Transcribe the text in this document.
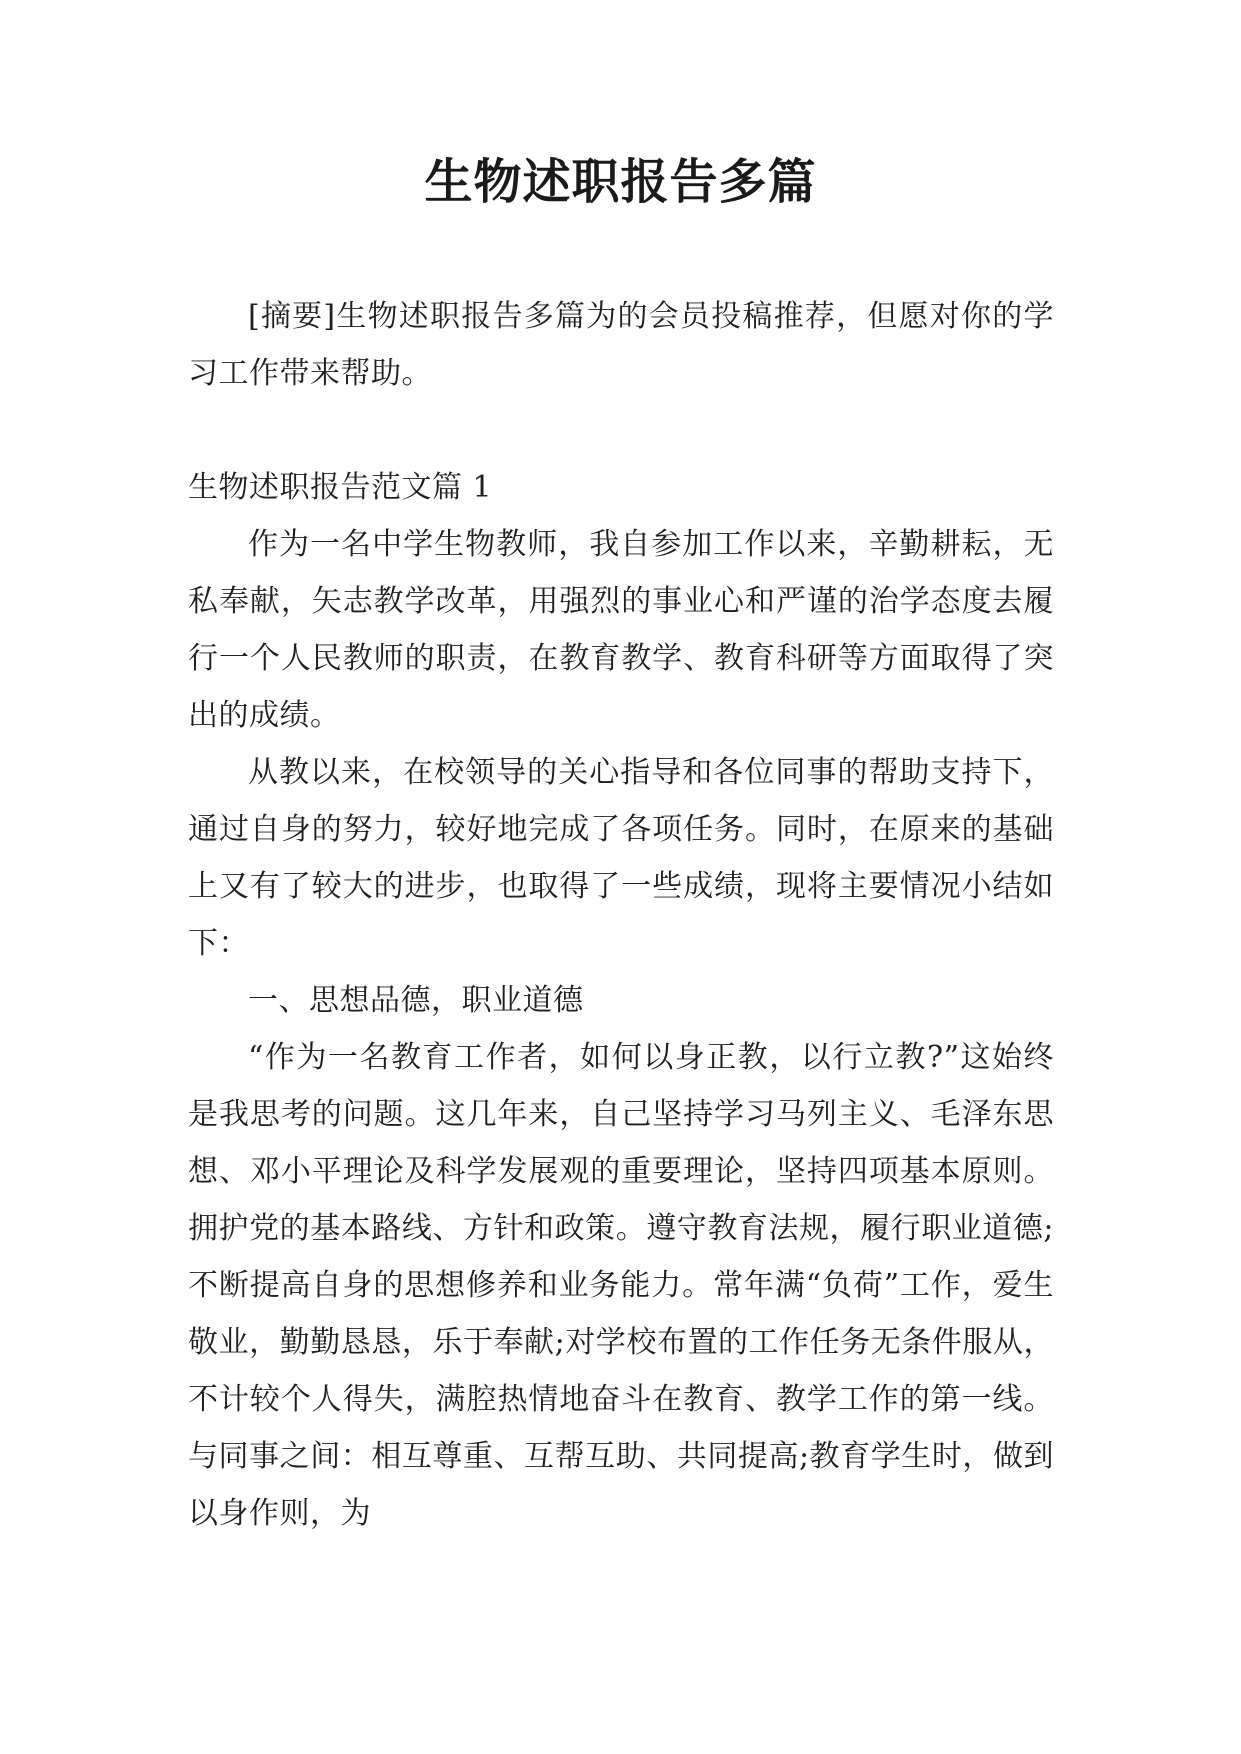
生物述职报告多篇

[摘要]生物述职报告多篇为的会员投稿推荐，但愿对你的学习工作带来帮助。

生物述职报告范文篇 1

作为一名中学生物教师，我自参加工作以来，辛勤耕耘，无私奉献，矢志教学改革，用强烈的事业心和严谨的治学态度去履行一个人民教师的职责，在教育教学、教育科研等方面取得了突出的成绩。

从教以来，在校领导的关心指导和各位同事的帮助支持下，通过自身的努力，较好地完成了各项任务。同时，在原来的基础上又有了较大的进步，也取得了一些成绩，现将主要情况小结如下：

一、思想品德，职业道德

“作为一名教育工作者，如何以身正教，以行立教?”这始终是我思考的问题。这几年来，自己坚持学习马列主义、毛泽东思想、邓小平理论及科学发展观的重要理论，坚持四项基本原则。拥护党的基本路线、方针和政策。遵守教育法规，履行职业道德;不断提高自身的思想修养和业务能力。常年满“负荷”工作，爱生敬业，勤勤恳恳，乐于奉献;对学校布置的工作任务无条件服从，不计较个人得失，满腔热情地奋斗在教育、教学工作的第一线。与同事之间：相互尊重、互帮互助、共同提高;教育学生时，做到以身作则，为
